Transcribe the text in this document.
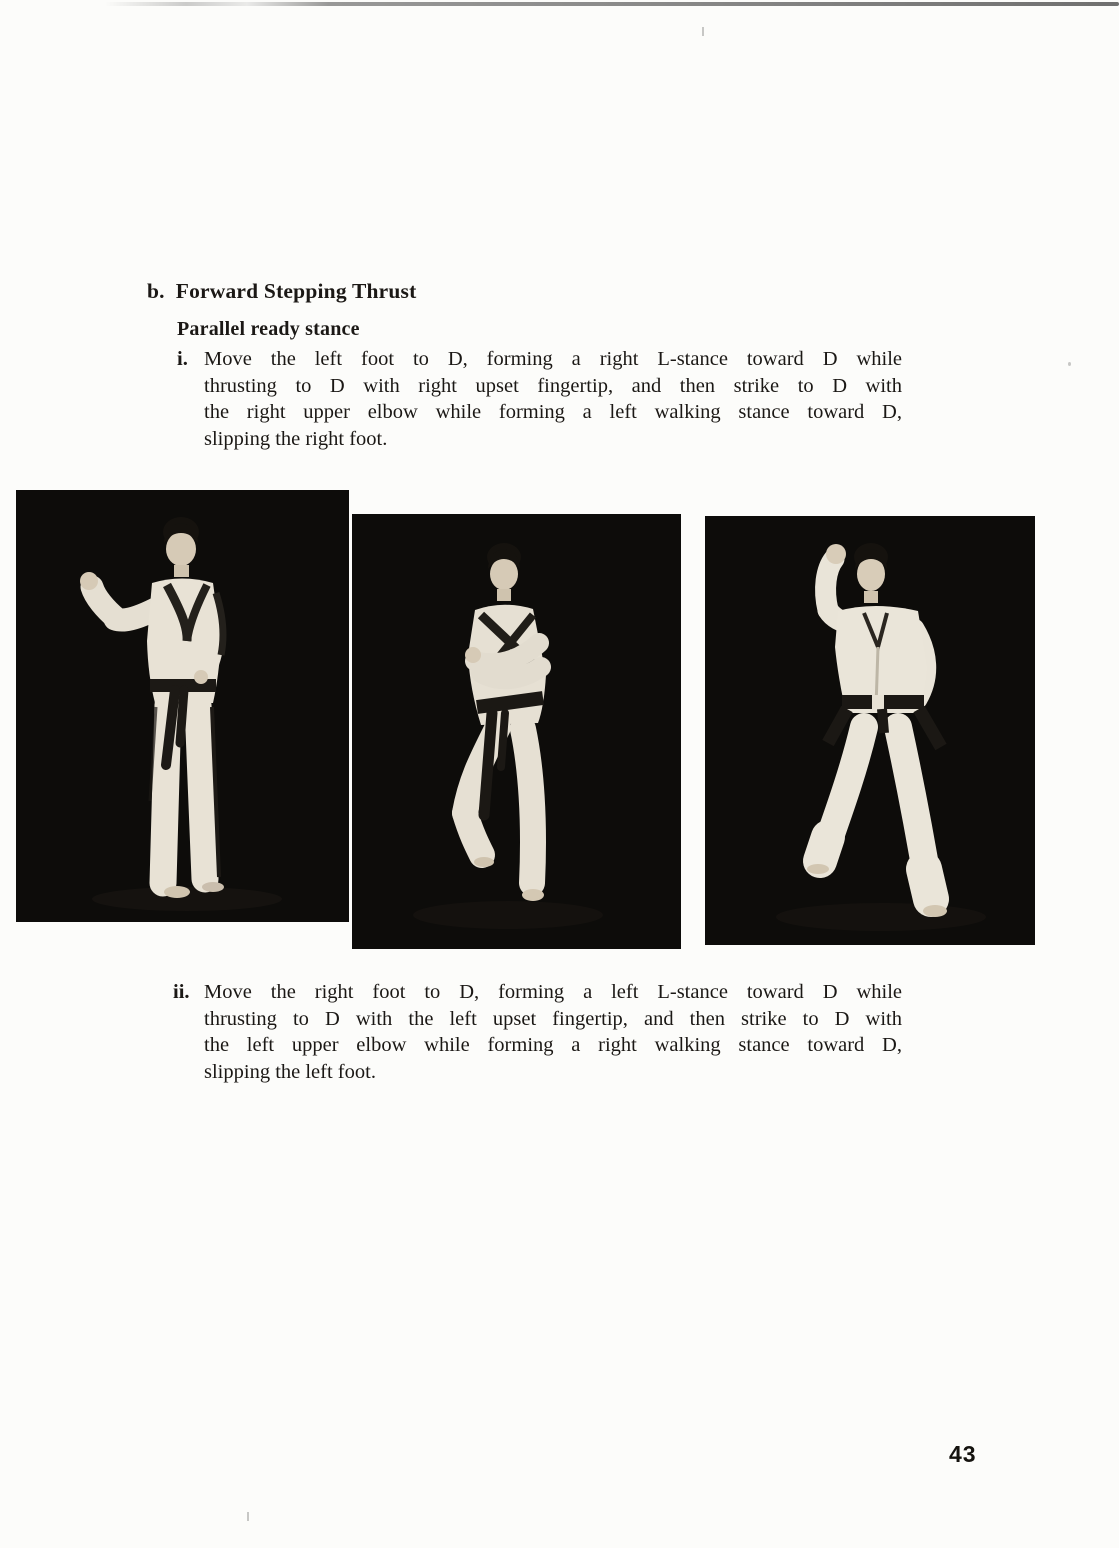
b. Forward Stepping Thrust
Parallel ready stance
i. Move the left foot to D, forming a right L-stance toward D while
thrusting to D with right upset fingertip, and then strike to D with
the right upper elbow while forming a left walking stance toward D,
slipping the right foot.
ii. Move the right foot to D, forming a left L-stance toward D while
thrusting to D with the left upset fingertip, and then strike to D with
the left upper elbow while forming a right walking stance toward D,
slipping the left foot.
43
